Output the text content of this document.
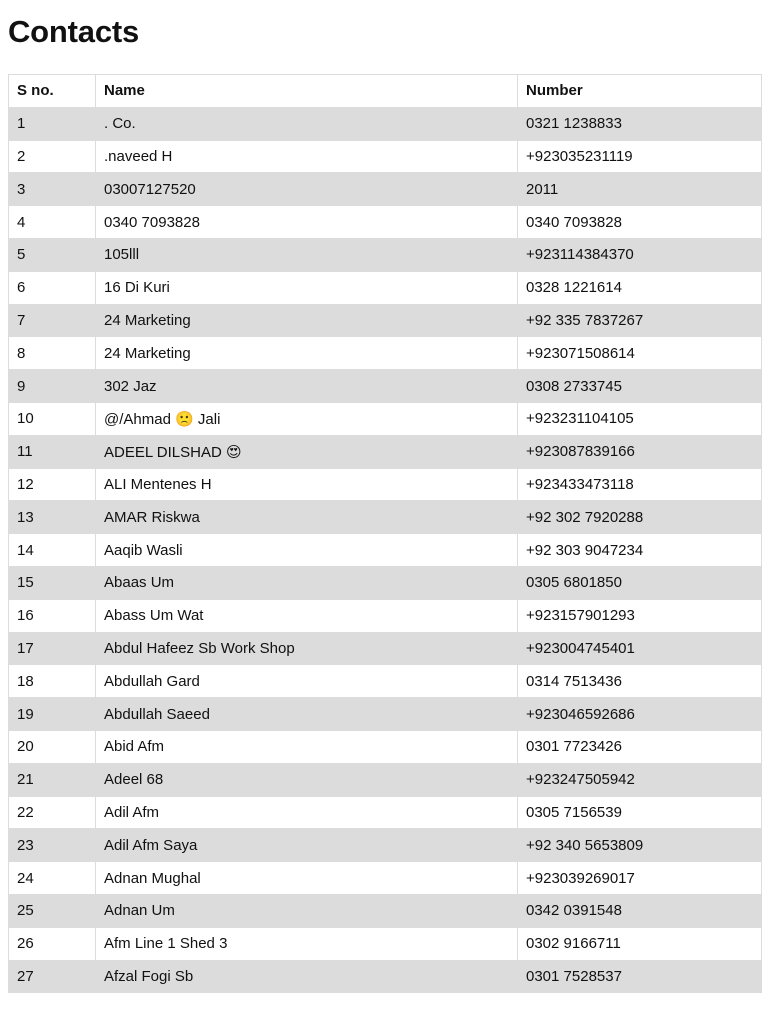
Contacts
S no.	Name	Number
1	. Co.	0321 1238833
2	.naveed H	+923035231119
3	03007127520	2011
4	0340 7093828	0340 7093828
5	105lll	+923114384370
6	16 Di Kuri	0328 1221614
7	24 Marketing	+92 335 7837267
8	24 Marketing	+923071508614
9	302 Jaz	0308 2733745
10	@/Ahmad 🙁 Jali	+923231104105
11	ADEEL DILSHAD 😍	+923087839166
12	ALI Mentenes H	+923433473118
13	AMAR Riskwa	+92 302 7920288
14	Aaqib Wasli	+92 303 9047234
15	Abaas Um	0305 6801850
16	Abass Um Wat	+923157901293
17	Abdul Hafeez Sb Work Shop	+923004745401
18	Abdullah Gard	0314 7513436
19	Abdullah Saeed	+923046592686
20	Abid Afm	0301 7723426
21	Adeel 68	+923247505942
22	Adil Afm	0305 7156539
23	Adil Afm Saya	+92 340 5653809
24	Adnan Mughal	+923039269017
25	Adnan Um	0342 0391548
26	Afm Line 1 Shed 3	0302 9166711
27	Afzal Fogi Sb	0301 7528537
